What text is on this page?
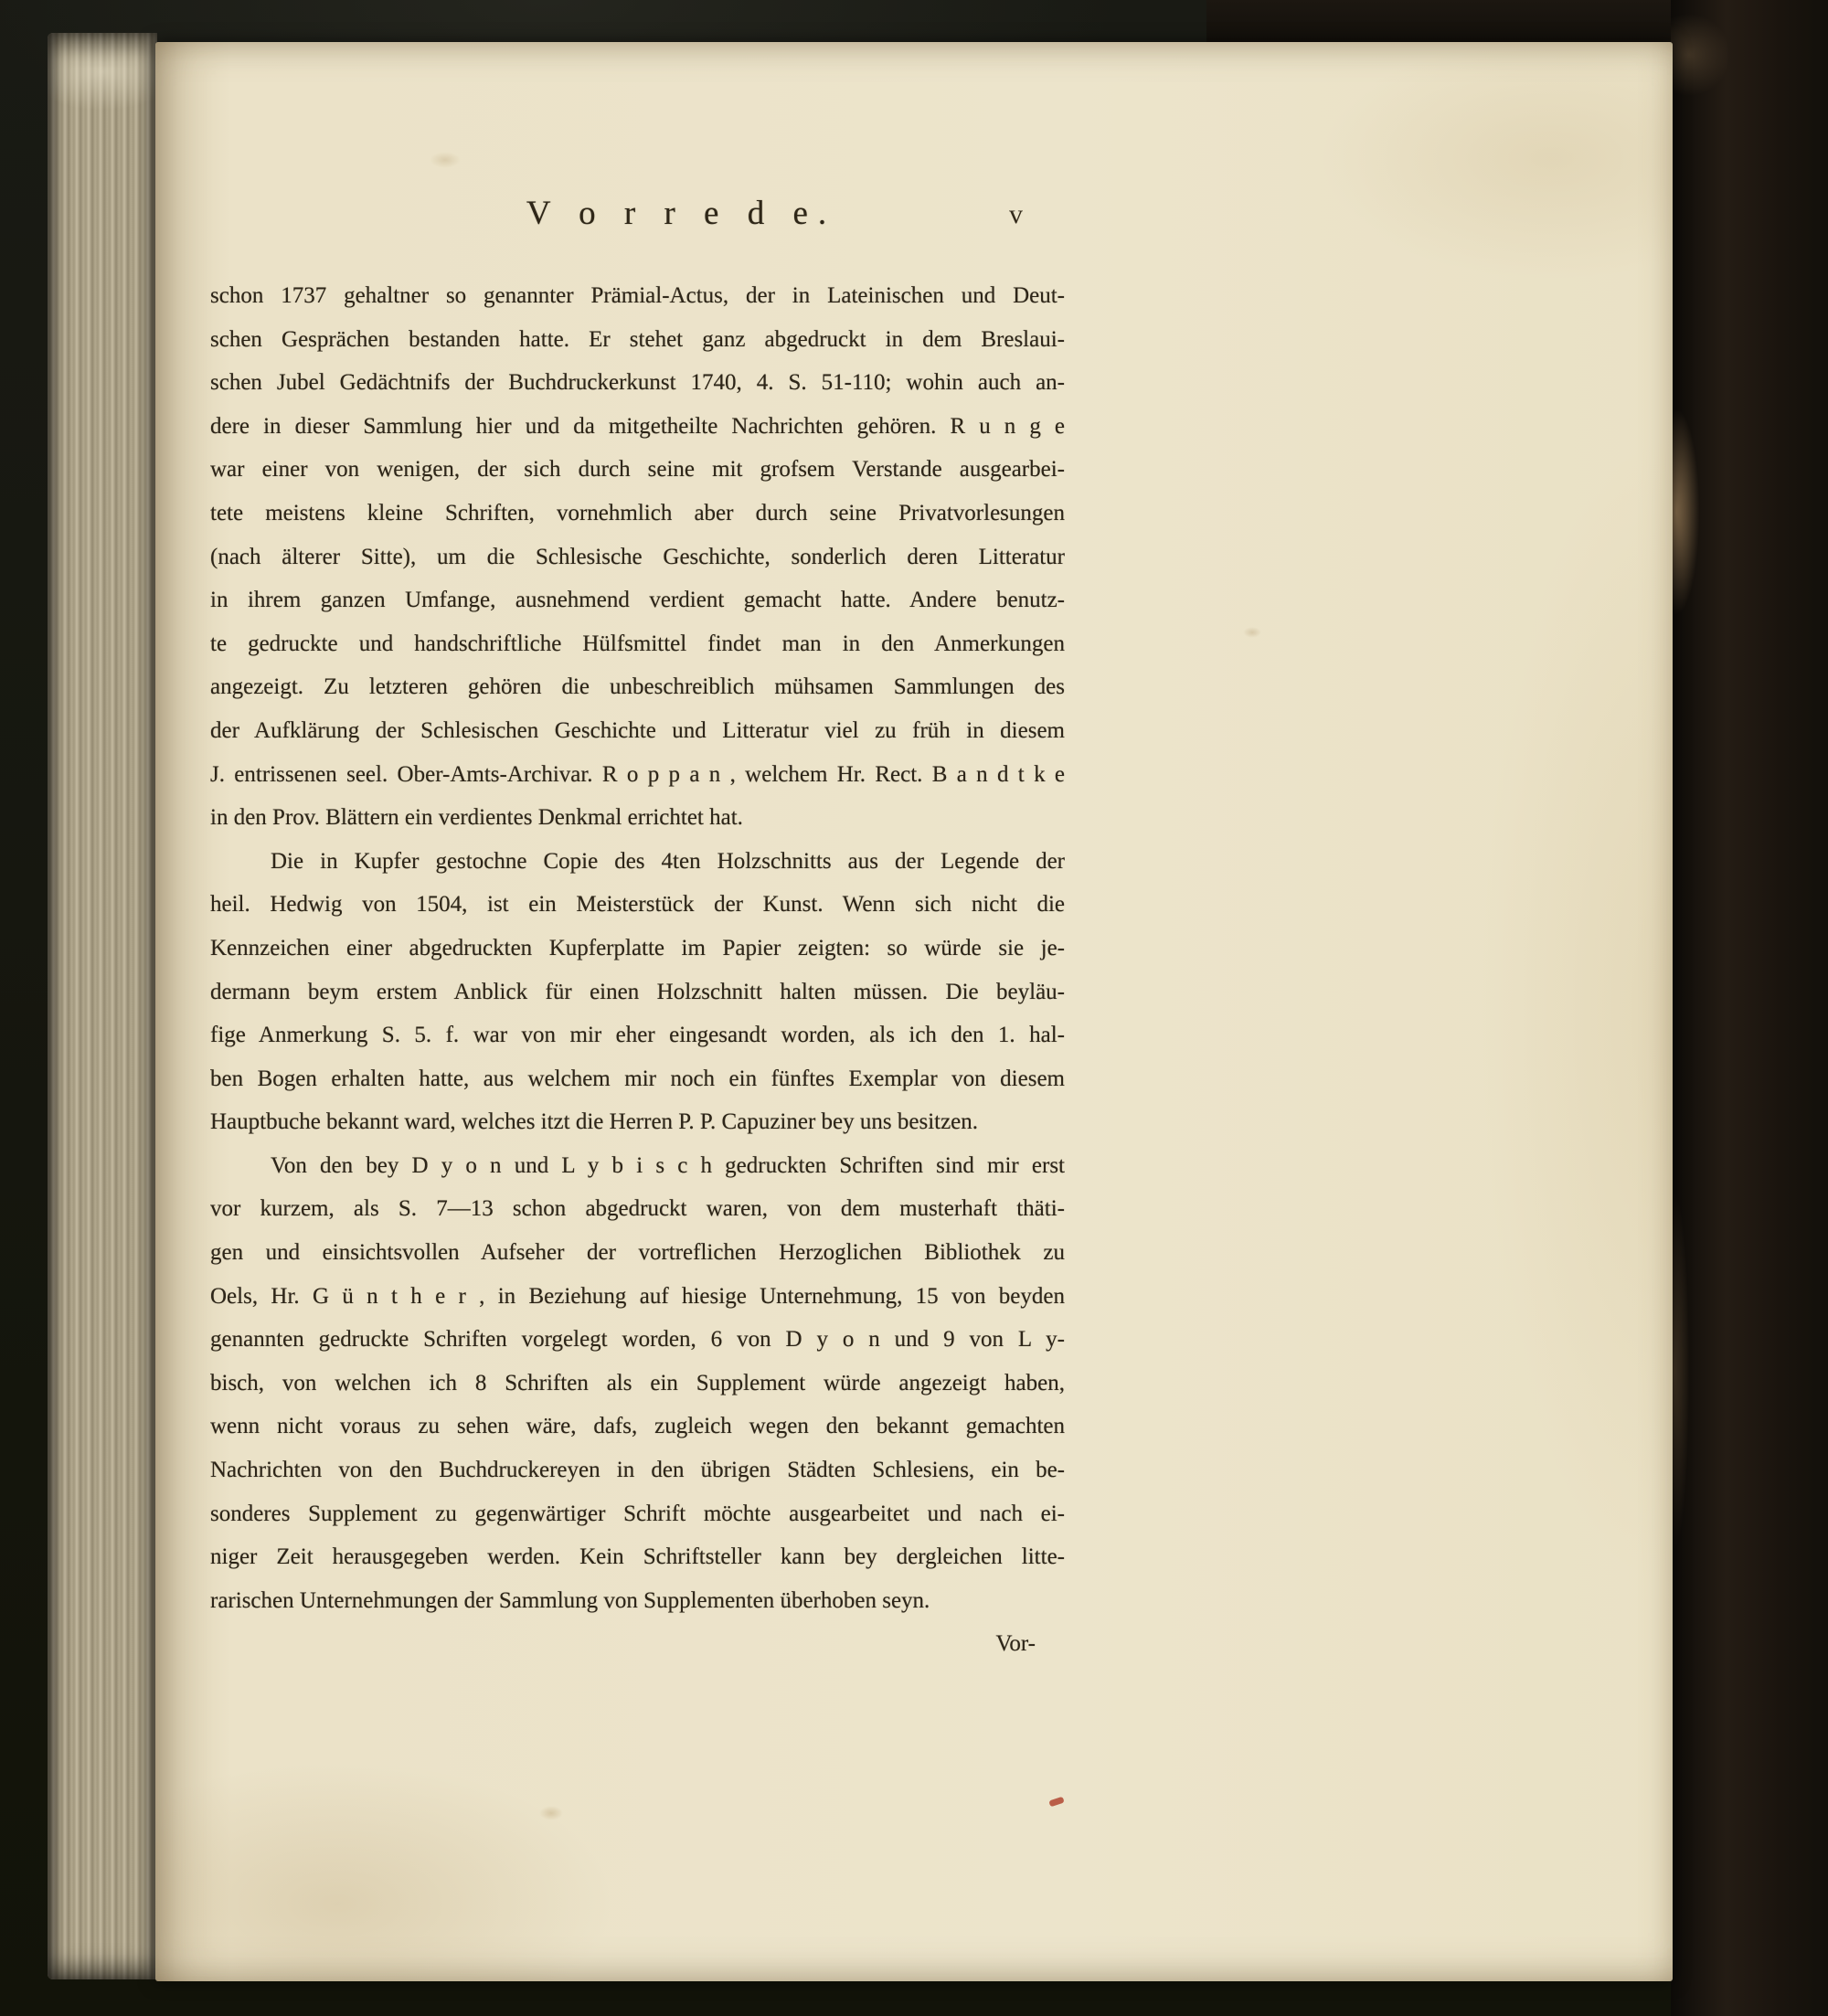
V o r r e d e.	v
schon 1737 gehaltner so genannter Prämial-Actus, der in Lateinischen und Deut-
schen Gesprächen bestanden hatte. Er stehet ganz abgedruckt in dem Breslaui-
schen Jubel Gedächtnifs der Buchdruckerkunst 1740, 4. S. 51-110; wohin auch an-
dere in dieser Sammlung hier und da mitgetheilte Nachrichten gehören. R u n g e
war einer von wenigen, der sich durch seine mit grofsem Verstande ausgearbei-
tete meistens kleine Schriften, vornehmlich aber durch seine Privatvorlesungen
(nach älterer Sitte), um die Schlesische Geschichte, sonderlich deren Litteratur
in ihrem ganzen Umfange, ausnehmend verdient gemacht hatte. Andere benutz-
te gedruckte und handschriftliche Hülfsmittel findet man in den Anmerkungen
angezeigt. Zu letzteren gehören die unbeschreiblich mühsamen Sammlungen des
der Aufklärung der Schlesischen Geschichte und Litteratur viel zu früh in diesem
J. entrissenen seel. Ober-Amts-Archivar. R o p p a n , welchem Hr. Rect. B a n d t k e
in den Prov. Blättern ein verdientes Denkmal errichtet hat.
Die in Kupfer gestochne Copie des 4ten Holzschnitts aus der Legende der
heil. Hedwig von 1504, ist ein Meisterstück der Kunst. Wenn sich nicht die
Kennzeichen einer abgedruckten Kupferplatte im Papier zeigten: so würde sie je-
dermann beym erstem Anblick für einen Holzschnitt halten müssen. Die beyläu-
fige Anmerkung S. 5. f. war von mir eher eingesandt worden, als ich den 1. hal-
ben Bogen erhalten hatte, aus welchem mir noch ein fünftes Exemplar von diesem
Hauptbuche bekannt ward, welches itzt die Herren P. P. Capuziner bey uns besitzen.
Von den bey D y o n und L y b i s c h gedruckten Schriften sind mir erst
vor kurzem, als S. 7—13 schon abgedruckt waren, von dem musterhaft thäti-
gen und einsichtsvollen Aufseher der vortreflichen Herzoglichen Bibliothek zu
Oels, Hr. G ü n t h e r , in Beziehung auf hiesige Unternehmung, 15 von beyden
genannten gedruckte Schriften vorgelegt worden, 6 von D y o n und 9 von L y-
bisch, von welchen ich 8 Schriften als ein Supplement würde angezeigt haben,
wenn nicht voraus zu sehen wäre, dafs, zugleich wegen den bekannt gemachten
Nachrichten von den Buchdruckereyen in den übrigen Städten Schlesiens, ein be-
sonderes Supplement zu gegenwärtiger Schrift möchte ausgearbeitet und nach ei-
niger Zeit herausgegeben werden. Kein Schriftsteller kann bey dergleichen litte-
rarischen Unternehmungen der Sammlung von Supplementen überhoben seyn.
Vor-
